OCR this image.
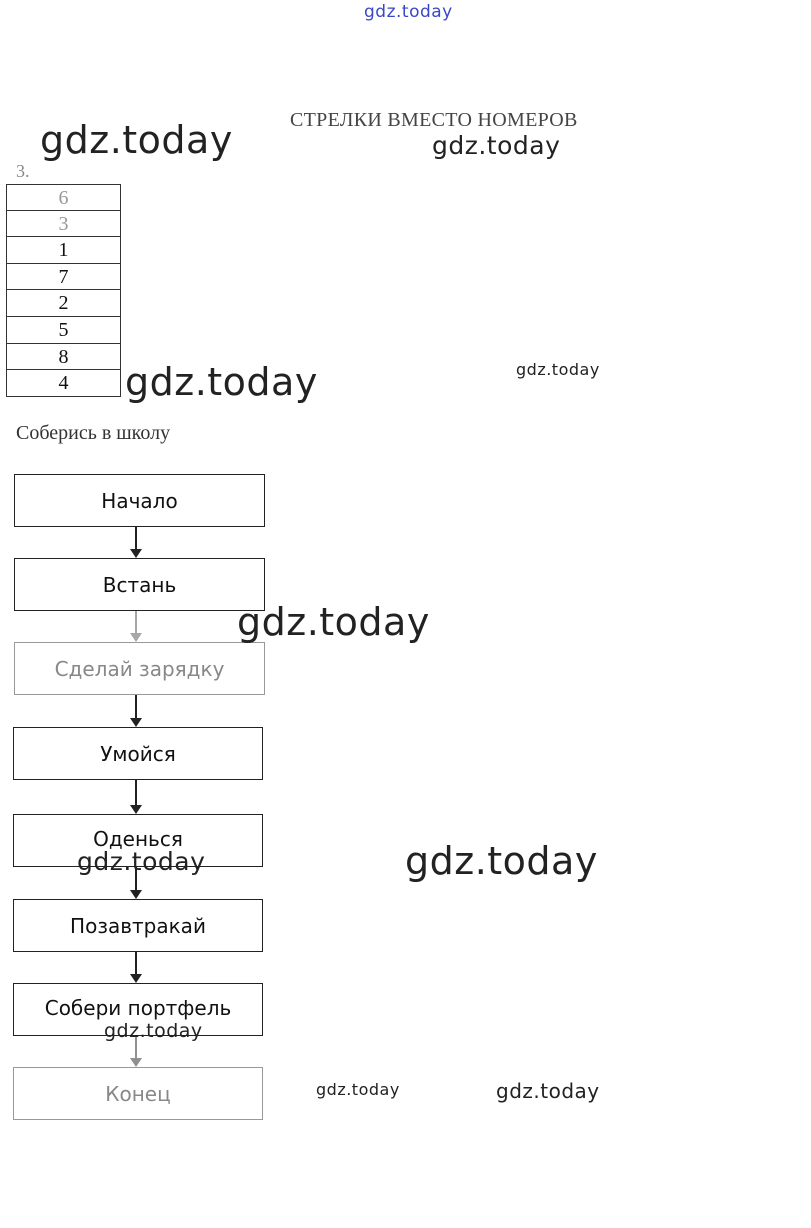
gdz.today
gdz.today	gdz.today
gdz.today	gdz.today
СТРЕЛКИ ВМЕСТО НОМЕРОВ
3.
6
3
1
7
2
5
8
4
Соберись в школу
Начало
Встань
Сделай зарядку
Умойся
Оденься
Позавтракай
Собери портфель
Конец
gdz.today
gdz.today
gdz.today
gdz.today
gdz.today	gdz.today
